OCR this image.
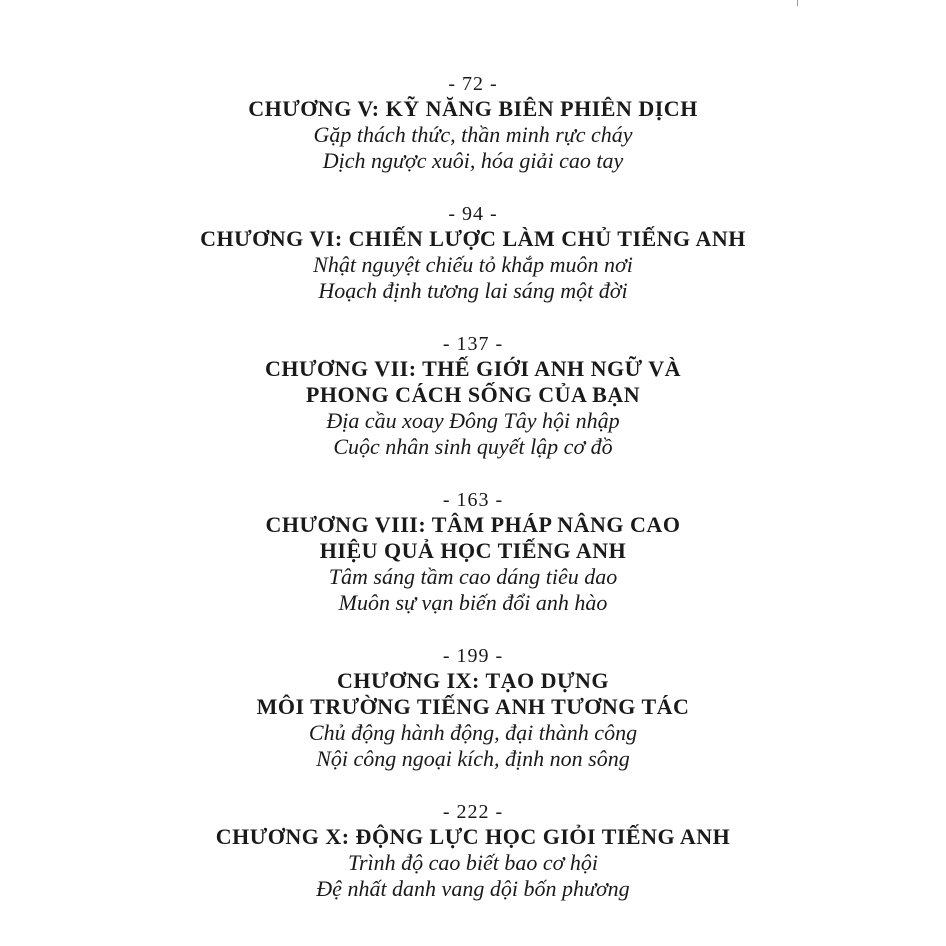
- 72 -
CHƯƠNG V: KỸ NĂNG BIÊN PHIÊN DỊCH
Gặp thách thức, thần minh rực cháy
Dịch ngược xuôi, hóa giải cao tay
- 94 -
CHƯƠNG VI: CHIẾN LƯỢC LÀM CHỦ TIẾNG ANH
Nhật nguyệt chiếu tỏ khắp muôn nơi
Hoạch định tương lai sáng một đời
- 137 -
CHƯƠNG VII: THẾ GIỚI ANH NGỮ VÀ
PHONG CÁCH SỐNG CỦA BẠN
Địa cầu xoay Đông Tây hội nhập
Cuộc nhân sinh quyết lập cơ đồ
- 163 -
CHƯƠNG VIII: TÂM PHÁP NÂNG CAO
HIỆU QUẢ HỌC TIẾNG ANH
Tâm sáng tầm cao dáng tiêu dao
Muôn sự vạn biến đổi anh hào
- 199 -
CHƯƠNG IX: TẠO DỰNG
MÔI TRƯỜNG TIẾNG ANH TƯƠNG TÁC
Chủ động hành động, đại thành công
Nội công ngoại kích, định non sông
- 222 -
CHƯƠNG X: ĐỘNG LỰC HỌC GIỎI TIẾNG ANH
Trình độ cao biết bao cơ hội
Đệ nhất danh vang dội bốn phương
